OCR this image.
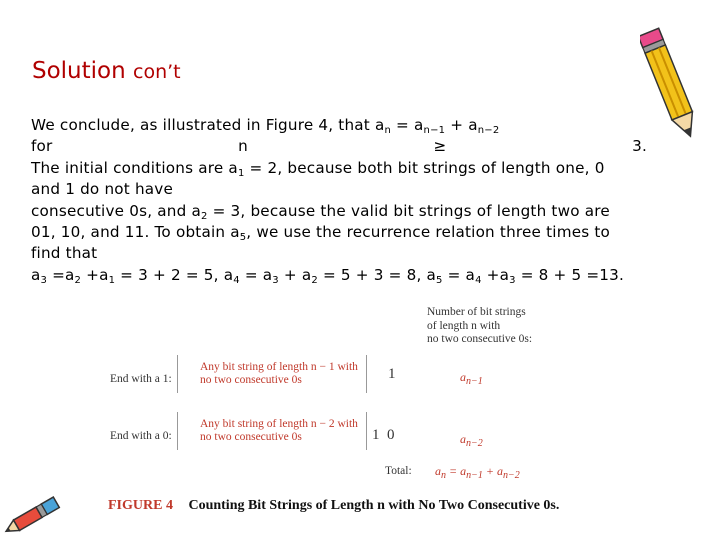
Solution con’t
We conclude, as illustrated in Figure 4, that $a_n = a_{n-1} + a_{n-2}$
for	n	≥	3.
The initial conditions are $a_1 = 2$, because both bit strings of length one, 0
and 1 do not have
consecutive 0s, and $a_2 = 3$, because the valid bit strings of length two are
01, 10, and 11. To obtain $a_5$, we use the recurrence relation three times to
find that
$a_3 =a_2 +a_1 = 3 + 2 = 5$, $a_4 = a_3 + a_2 = 5 + 3 = 8$, $a_5 = a_4 +a_3 = 8 + 5 =13$.
Number of bit strings
of length n with
no two consecutive 0s:
End with a 1:
Any bit string of length n − 1 with
no two consecutive 0s	1	$a_{n-1}$
End with a 0:
Any bit string of length n − 2 with
no two consecutive 0s	1  0	$a_{n-2}$
Total: $a_n = a_{n-1} + a_{n-2}$
FIGURE 4 Counting Bit Strings of Length n with No Two Consecutive 0s.
